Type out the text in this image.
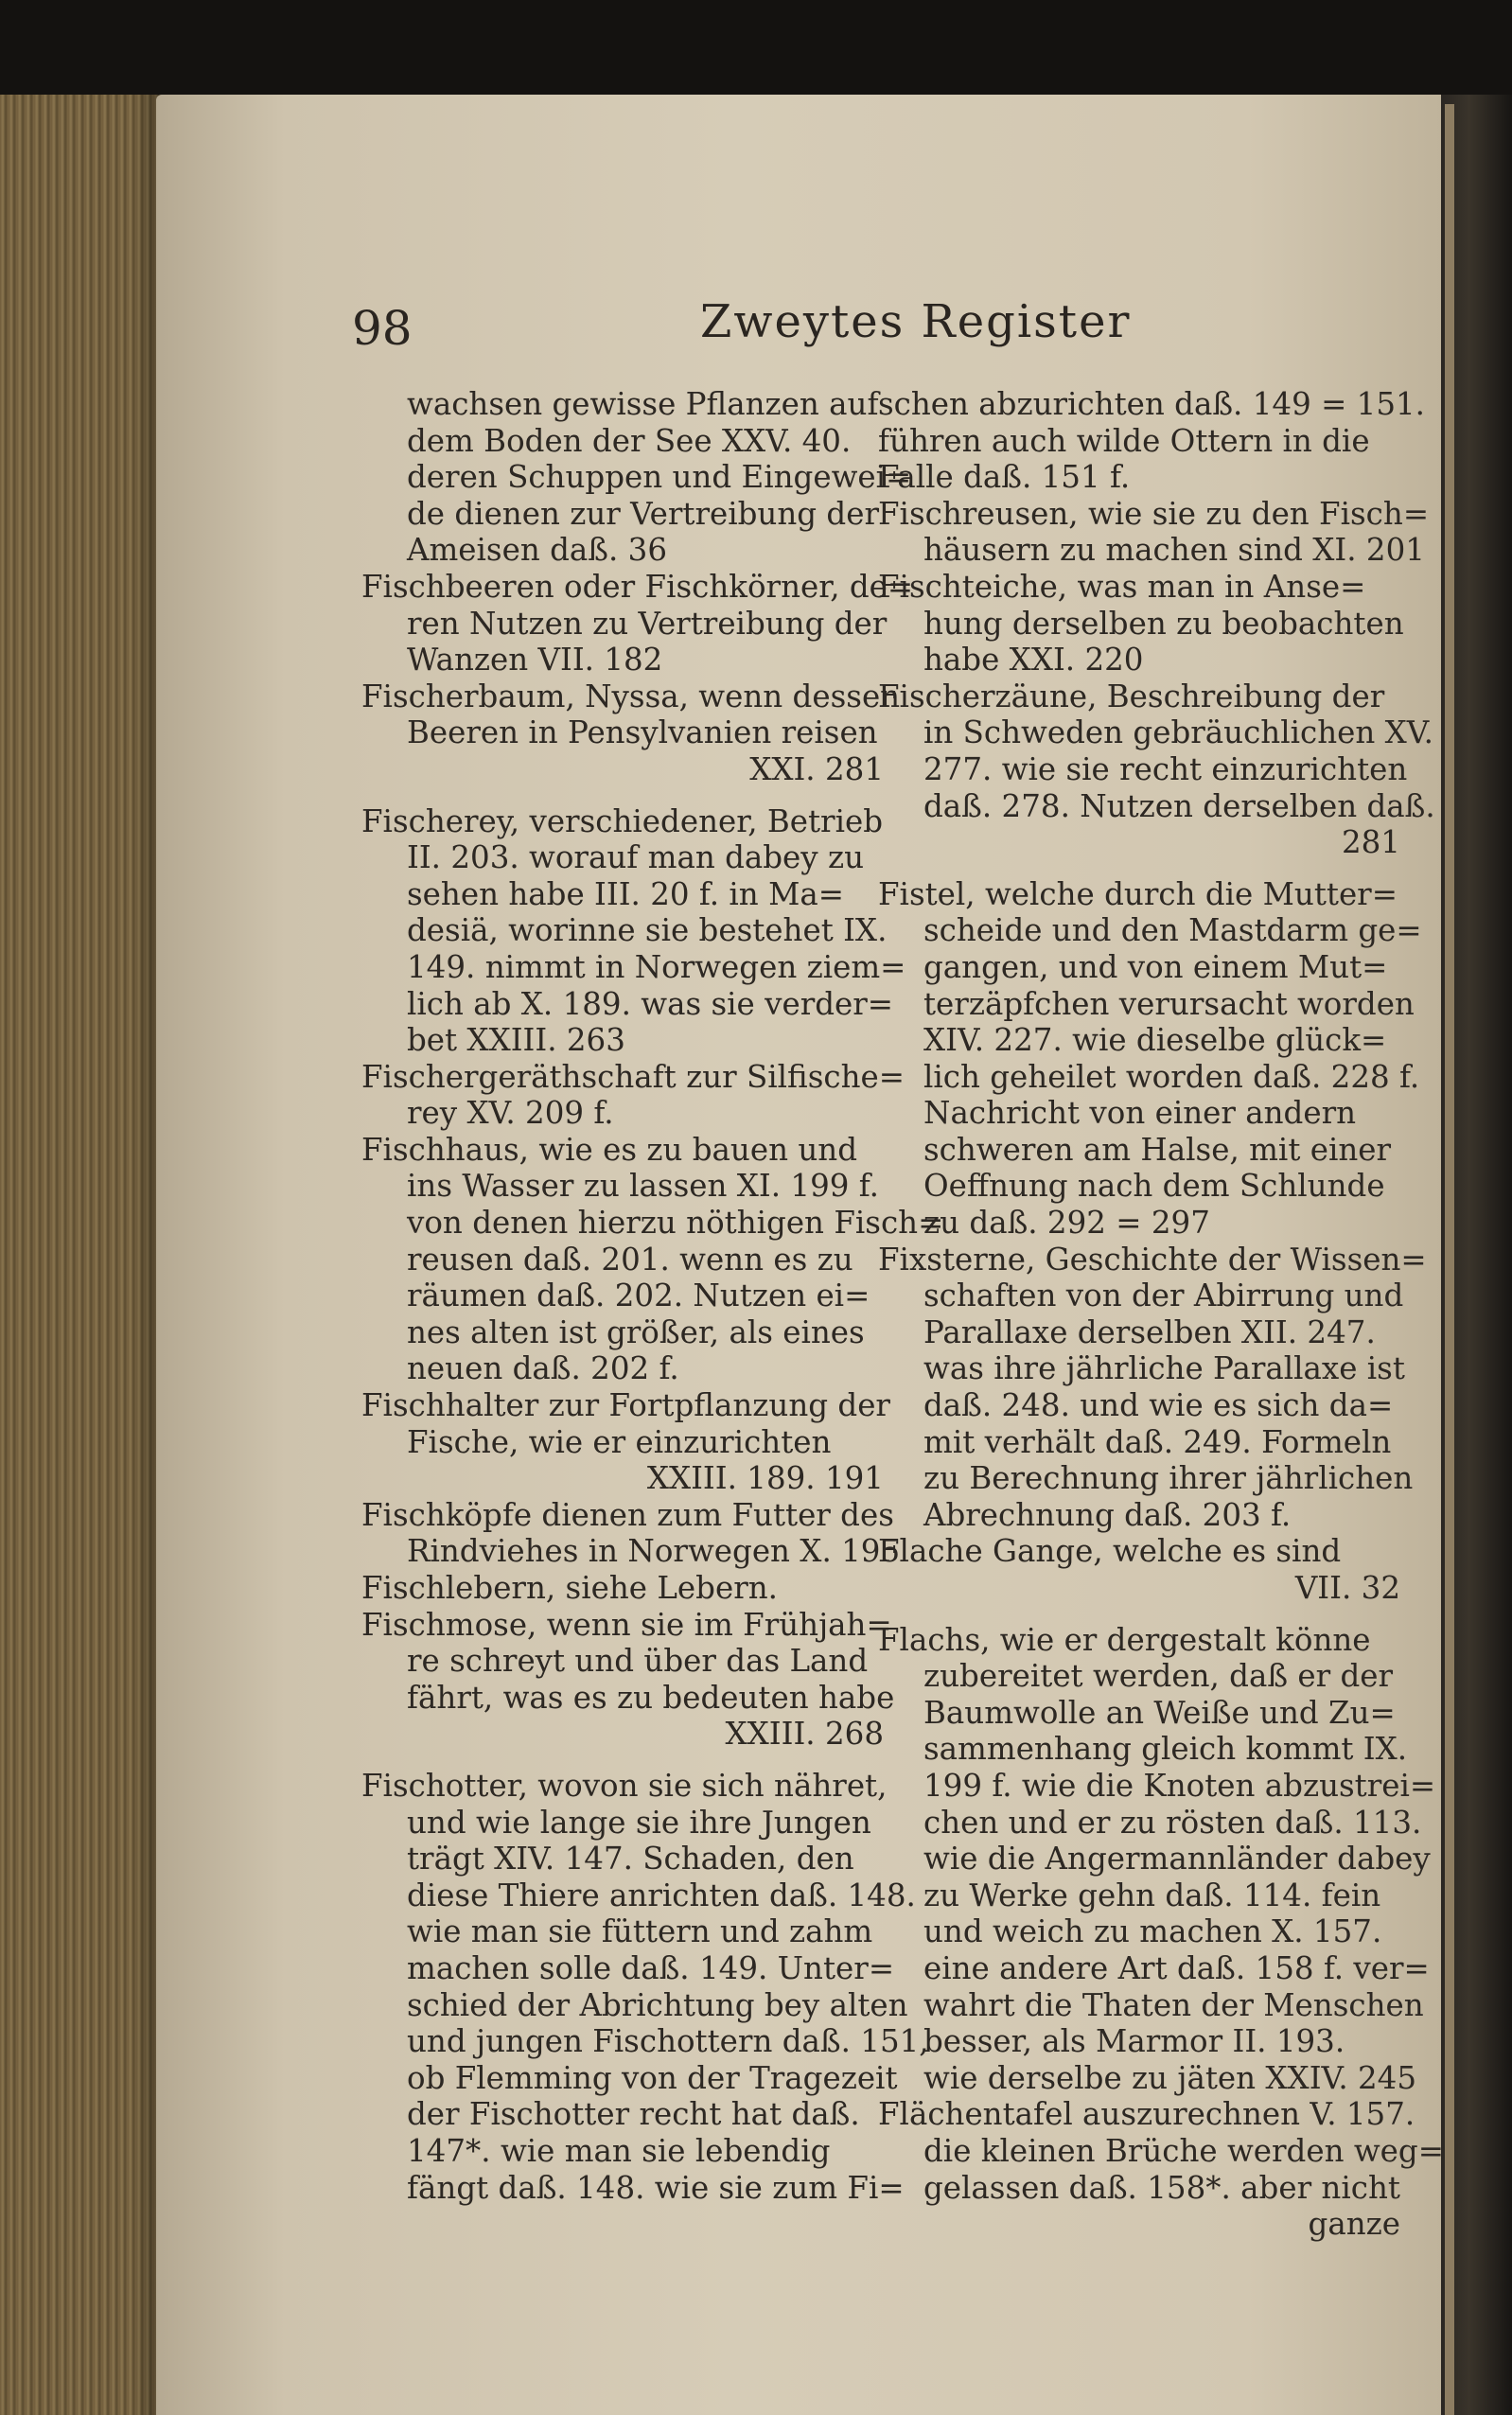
98	Zweytes Register
wachsen gewisse Pflanzen auf
dem Boden der See XXV. 40.
deren Schuppen und Eingewei=
de dienen zur Vertreibung der
Ameisen daß. 36
Fischbeeren oder Fischkörner, de=
ren Nutzen zu Vertreibung der
Wanzen VII. 182
Fischerbaum, Nyssa, wenn dessen
Beeren in Pensylvanien reisen
XXI. 281
Fischerey, verschiedener, Betrieb
II. 203. worauf man dabey zu
sehen habe III. 20 f. in Ma=
desiä, worinne sie bestehet IX.
149. nimmt in Norwegen ziem=
lich ab X. 189. was sie verder=
bet XXIII. 263
Fischergeräthschaft zur Silfische=
rey XV. 209 f.
Fischhaus, wie es zu bauen und
ins Wasser zu lassen XI. 199 f.
von denen hierzu nöthigen Fisch=
reusen daß. 201. wenn es zu
räumen daß. 202. Nutzen ei=
nes alten ist größer, als eines
neuen daß. 202 f.
Fischhalter zur Fortpflanzung der
Fische, wie er einzurichten
XXIII. 189. 191
Fischköpfe dienen zum Futter des
Rindviehes in Norwegen X. 195
Fischlebern, siehe Lebern.
Fischmose, wenn sie im Frühjah=
re schreyt und über das Land
fährt, was es zu bedeuten habe
XXIII. 268
Fischotter, wovon sie sich nähret,
und wie lange sie ihre Jungen
trägt XIV. 147. Schaden, den
diese Thiere anrichten daß. 148.
wie man sie füttern und zahm
machen solle daß. 149. Unter=
schied der Abrichtung bey alten
und jungen Fischottern daß. 151,
ob Flemming von der Tragezeit
der Fischotter recht hat daß.
147*. wie man sie lebendig
fängt daß. 148. wie sie zum Fi=
schen abzurichten daß. 149 = 151.
führen auch wilde Ottern in die
Falle daß. 151 f.
Fischreusen, wie sie zu den Fisch=
häusern zu machen sind XI. 201
Fischteiche, was man in Anse=
hung derselben zu beobachten
habe XXI. 220
Fischerzäune, Beschreibung der
in Schweden gebräuchlichen XV.
277. wie sie recht einzurichten
daß. 278. Nutzen derselben daß.
281
Fistel, welche durch die Mutter=
scheide und den Mastdarm ge=
gangen, und von einem Mut=
terzäpfchen verursacht worden
XIV. 227. wie dieselbe glück=
lich geheilet worden daß. 228 f.
Nachricht von einer andern
schweren am Halse, mit einer
Oeffnung nach dem Schlunde
zu daß. 292 = 297
Fixsterne, Geschichte der Wissen=
schaften von der Abirrung und
Parallaxe derselben XII. 247.
was ihre jährliche Parallaxe ist
daß. 248. und wie es sich da=
mit verhält daß. 249. Formeln
zu Berechnung ihrer jährlichen
Abrechnung daß. 203 f.
Flache Gange, welche es sind
VII. 32
Flachs, wie er dergestalt könne
zubereitet werden, daß er der
Baumwolle an Weiße und Zu=
sammenhang gleich kommt IX.
199 f. wie die Knoten abzustrei=
chen und er zu rösten daß. 113.
wie die Angermannländer dabey
zu Werke gehn daß. 114. fein
und weich zu machen X. 157.
eine andere Art daß. 158 f. ver=
wahrt die Thaten der Menschen
besser, als Marmor II. 193.
wie derselbe zu jäten XXIV. 245
Flächentafel auszurechnen V. 157.
die kleinen Brüche werden weg=
gelassen daß. 158*. aber nicht
ganze
